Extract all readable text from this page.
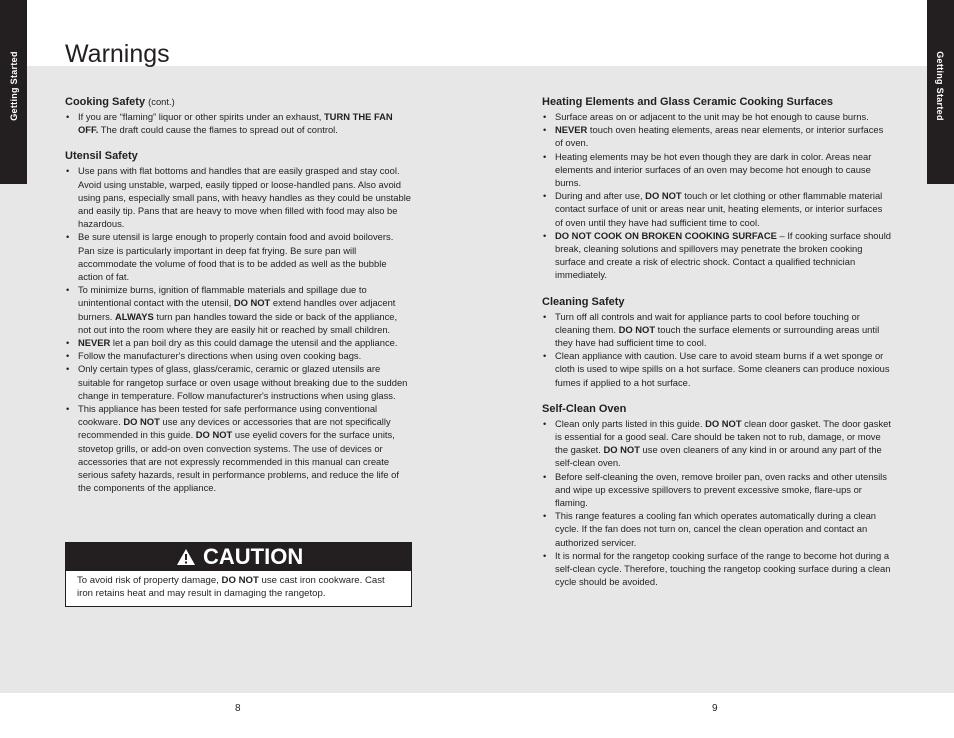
Getting Started	Getting Started
Warnings
Cooking Safety (cont.)
• If you are “flaming” liquor or other spirits under an exhaust, TURN THE FAN OFF. The draft could cause the flames to spread out of control.
Utensil Safety
• Use pans with flat bottoms and handles that are easily grasped and stay cool. Avoid using unstable, warped, easily tipped or loose-handled pans. Also avoid using pans, especially small pans, with heavy handles as they could be unstable and easily tip. Pans that are heavy to move when filled with food may also be hazardous.
• Be sure utensil is large enough to properly contain food and avoid boilovers. Pan size is particularly important in deep fat frying. Be sure pan will accommodate the volume of food that is to be added as well as the bubble action of fat.
• To minimize burns, ignition of flammable materials and spillage due to unintentional contact with the utensil, DO NOT extend handles over adjacent burners. ALWAYS turn pan handles toward the side or back of the appliance, not out into the room where they are easily hit or reached by small children.
• NEVER let a pan boil dry as this could damage the utensil and the appliance.
• Follow the manufacturer's directions when using oven cooking bags.
• Only certain types of glass, glass/ceramic, ceramic or glazed utensils are suitable for rangetop surface or oven usage without breaking due to the sudden change in temperature. Follow manufacturer's instructions when using glass.
• This appliance has been tested for safe performance using conventional cookware. DO NOT use any devices or accessories that are not specifically recommended in this guide. DO NOT use eyelid covers for the surface units, stovetop grills, or add-on oven convection systems. The use of devices or accessories that are not expressly recommended in this manual can create serious safety hazards, result in performance problems, and reduce the life of the components of the appliance.
CAUTION
To avoid risk of property damage, DO NOT use cast iron cookware. Cast iron retains heat and may result in damaging the rangetop.
Heating Elements and Glass Ceramic Cooking Surfaces
• Surface areas on or adjacent to the unit may be hot enough to cause burns.
• NEVER touch oven heating elements, areas near elements, or interior surfaces of oven.
• Heating elements may be hot even though they are dark in color. Areas near elements and interior surfaces of an oven may become hot enough to cause burns.
• During and after use, DO NOT touch or let clothing or other flammable material contact surface of unit or areas near unit, heating elements, or interior surfaces of oven until they have had sufficient time to cool.
• DO NOT COOK ON BROKEN COOKING SURFACE – If cooking surface should break, cleaning solutions and spillovers may penetrate the broken cooking surface and create a risk of electric shock. Contact a qualified technician immediately.
Cleaning Safety
• Turn off all controls and wait for appliance parts to cool before touching or cleaning them. DO NOT touch the surface elements or surrounding areas until they have had sufficient time to cool.
• Clean appliance with caution. Use care to avoid steam burns if a wet sponge or cloth is used to wipe spills on a hot surface. Some cleaners can produce noxious fumes if applied to a hot surface.
Self-Clean Oven
• Clean only parts listed in this guide. DO NOT clean door gasket. The door gasket is essential for a good seal. Care should be taken not to rub, damage, or move the gasket. DO NOT use oven cleaners of any kind in or around any part of the self-clean oven.
• Before self-cleaning the oven, remove broiler pan, oven racks and other utensils and wipe up excessive spillovers to prevent excessive smoke, flare-ups or flaming.
• This range features a cooling fan which operates automatically during a clean cycle. If the fan does not turn on, cancel the clean operation and contact an authorized servicer.
• It is normal for the rangetop cooking surface of the range to become hot during a self-clean cycle. Therefore, touching the rangetop cooking surface during a clean cycle should be avoided.
8	9
